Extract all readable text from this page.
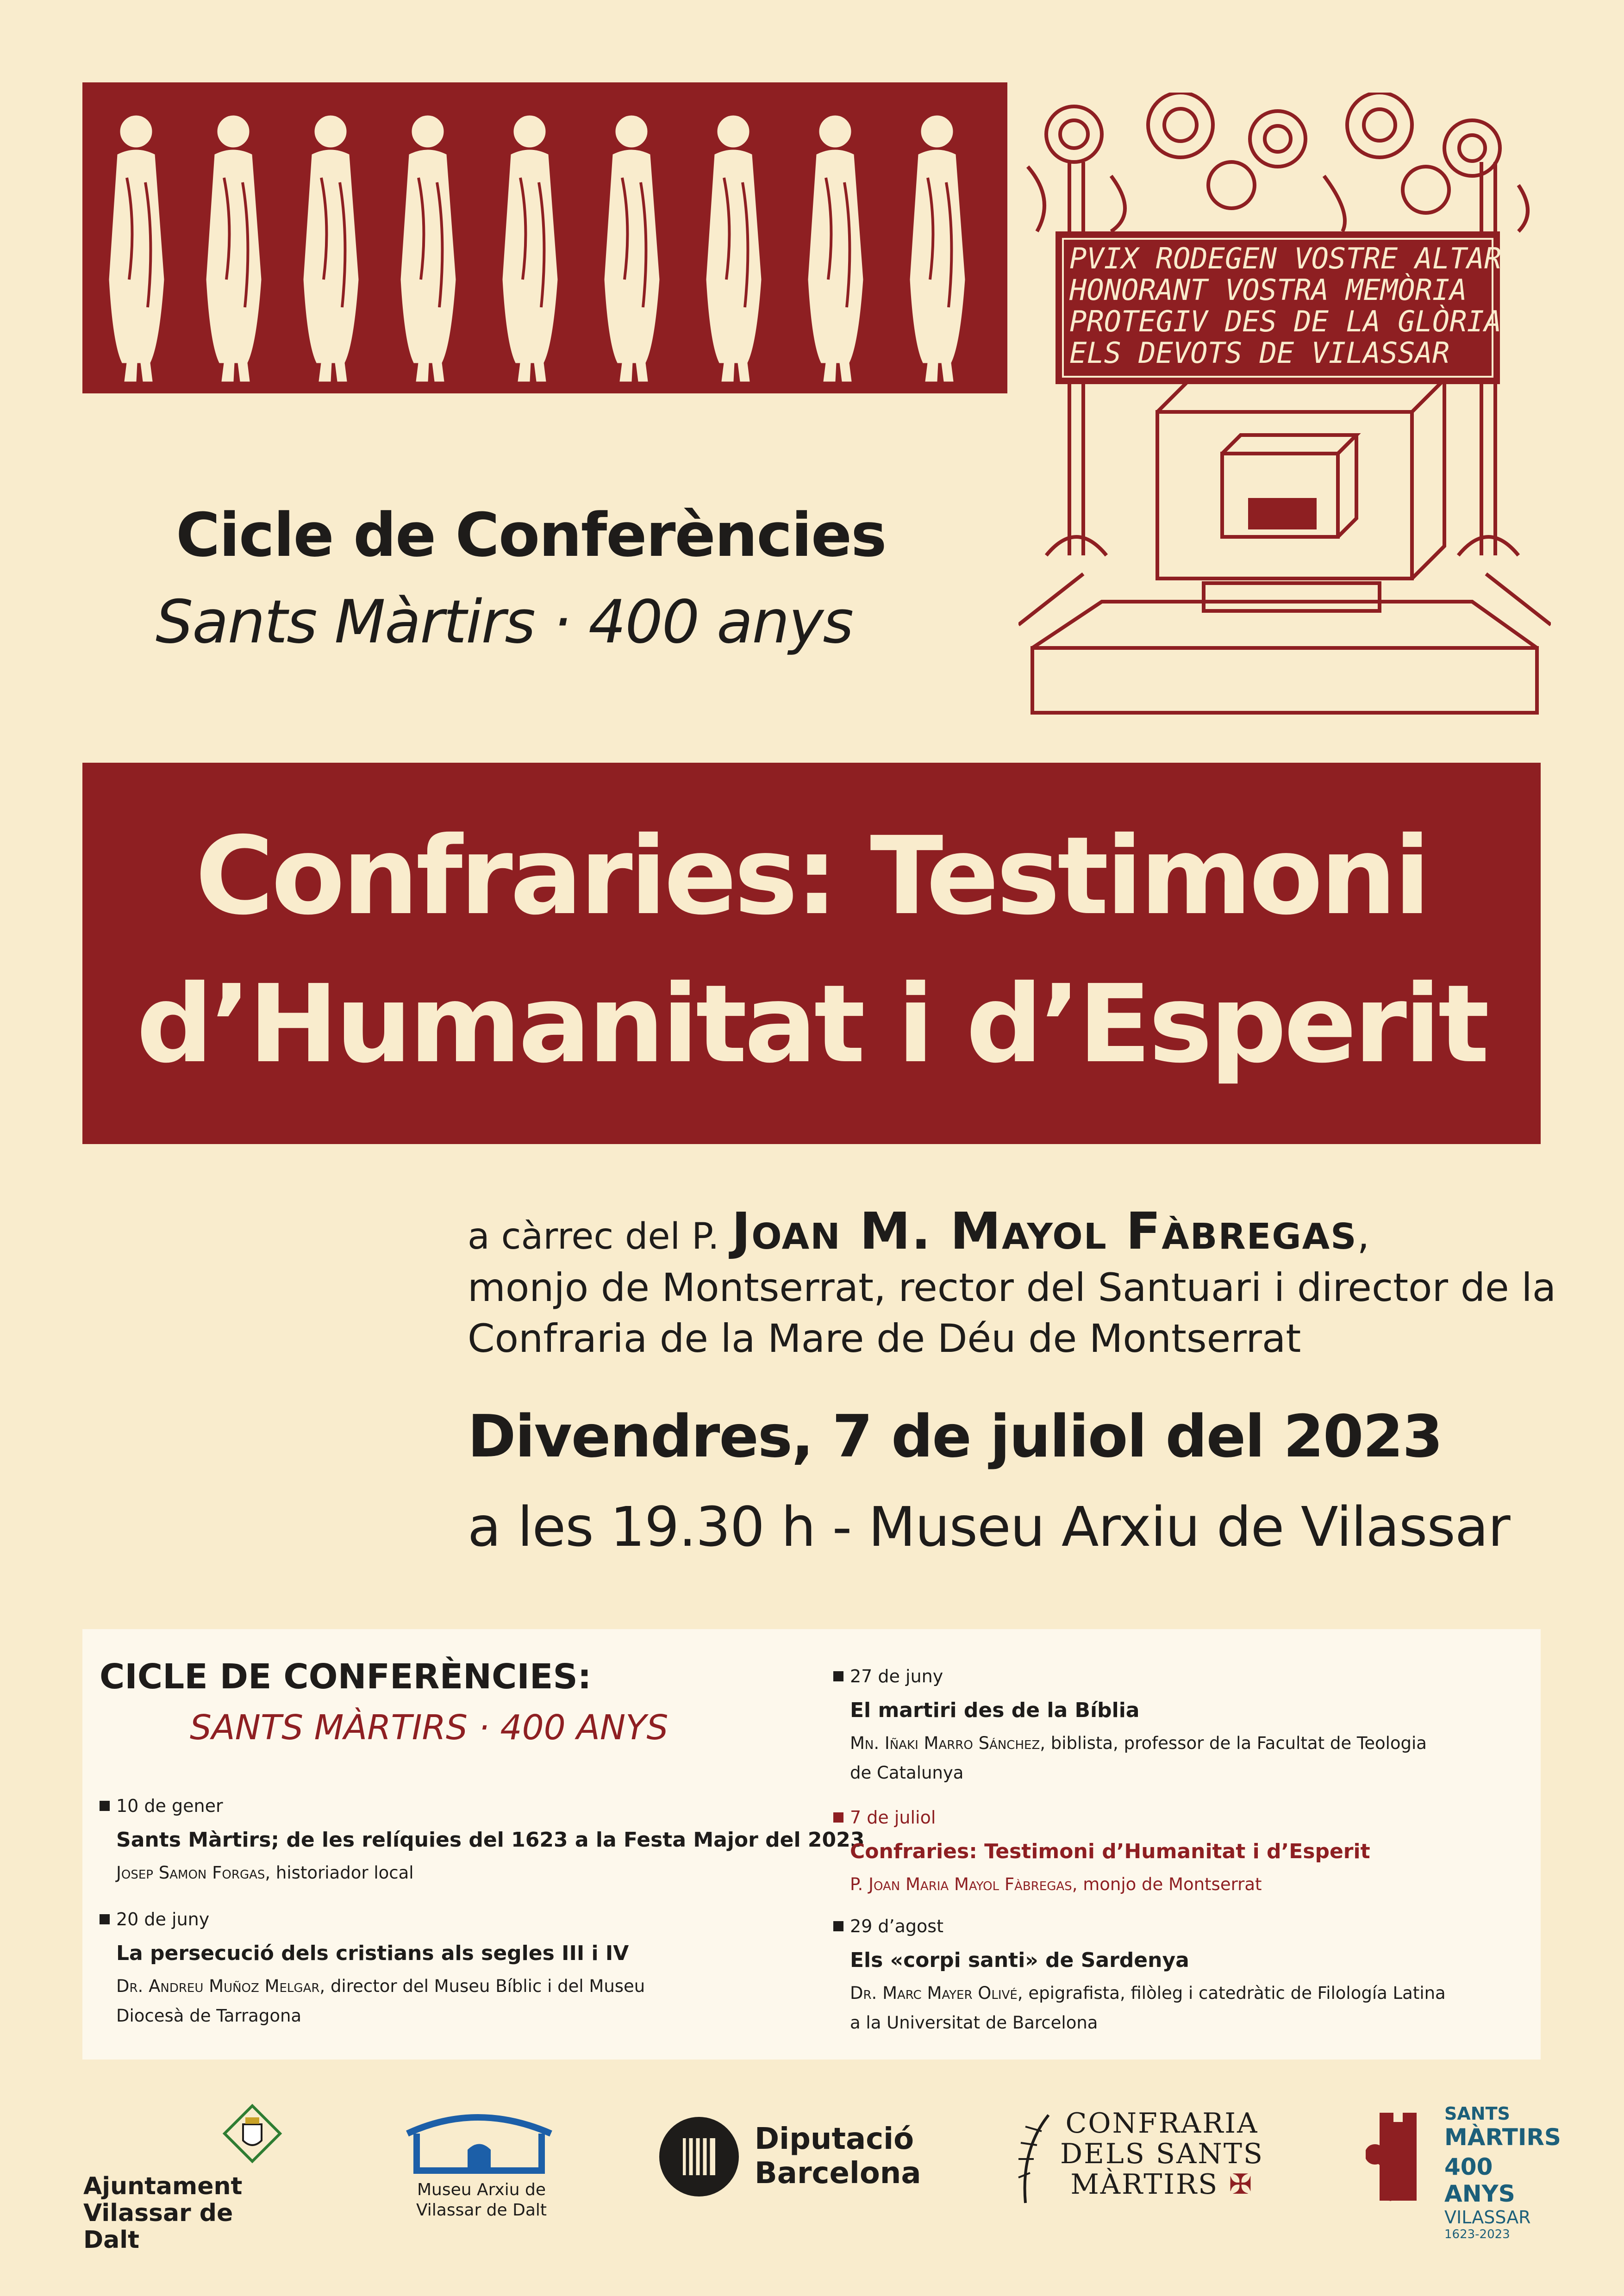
PVIX RODEGEN VOSTRE ALTAR
HONORANT VOSTRA MEMÒRIA
PROTEGIV DES DE LA GLÒRIA
ELS DEVOTS DE VILASSAR
Cicle de Conferències
Sants Màrtirs · 400 anys
Confraries: Testimoni
d’Humanitat i d’Esperit
a càrrec del P. Joan M. Mayol Fàbregas,
monjo de Montserrat, rector del Santuari i director de la
Confraria de la Mare de Déu de Montserrat
Divendres, 7 de juliol del 2023
a les 19.30 h - Museu Arxiu de Vilassar
CICLE DE CONFERÈNCIES:
SANTS MÀRTIRS · 400 ANYS
10 de gener
Sants Màrtirs; de les relíquies del 1623 a la Festa Major del 2023
Josep Samon Forgas, historiador local
20 de juny
La persecució dels cristians als segles III i IV
Dr. Andreu Muñoz Melgar, director del Museu Bíblic i del Museu
Diocesà de Tarragona
27 de juny
El martiri des de la Bíblia
Mn. Iñaki Marro Sánchez, biblista, professor de la Facultat de Teologia
de Catalunya
7 de juliol
Confraries: Testimoni d’Humanitat i d’Esperit
P. Joan Maria Mayol Fàbregas, monjo de Montserrat
29 d’agost
Els «corpi santi» de Sardenya
Dr. Marc Mayer Olivé, epigrafista, filòleg i catedràtic de Filología Latina
a la Universitat de Barcelona
Ajuntament
Vilassar de Dalt
Museu Arxiu de
Vilassar de Dalt
Diputació
Barcelona
CONFRARIA
DELS SANTS
MÀRTIRS ✠
SANTS
MÀRTIRS
400 ANYS
VILASSAR
1623-2023
